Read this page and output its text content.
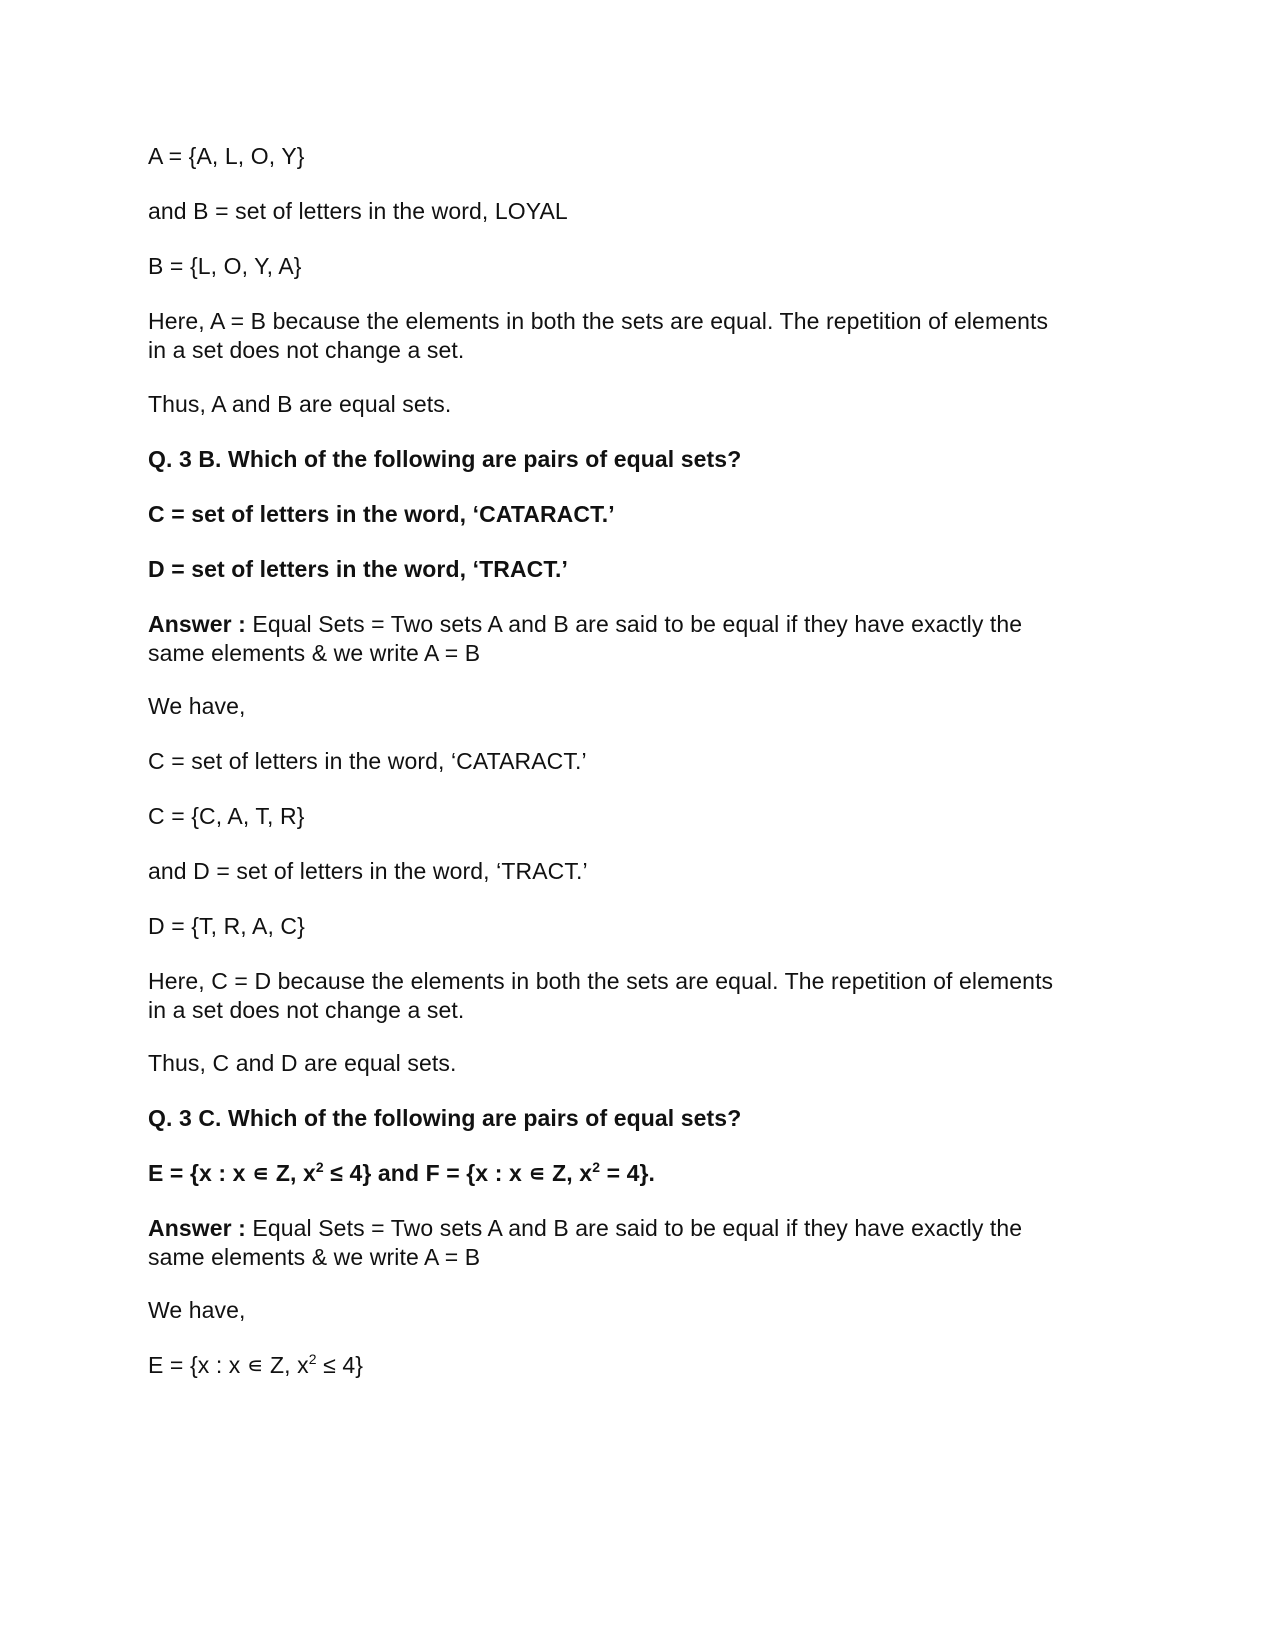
A = {A, L, O, Y}
and B = set of letters in the word, LOYAL
B = {L, O, Y, A}
Here, A = B because the elements in both the sets are equal. The repetition of elements
in a set does not change a set.
Thus, A and B are equal sets.
Q. 3 B. Which of the following are pairs of equal sets?
C = set of letters in the word, ‘CATARACT.’
D = set of letters in the word, ‘TRACT.’
Answer : Equal Sets = Two sets A and B are said to be equal if they have exactly the
same elements & we write A = B
We have,
C = set of letters in the word, ‘CATARACT.’
C = {C, A, T, R}
and D = set of letters in the word, ‘TRACT.’
D = {T, R, A, C}
Here, C = D because the elements in both the sets are equal. The repetition of elements
in a set does not change a set.
Thus, C and D are equal sets.
Q. 3 C. Which of the following are pairs of equal sets?
E = {x : x ∊ Z, $x^2 \le 4$} and F = {x : x ∊ Z, $x^2 = 4$}.
Answer : Equal Sets = Two sets A and B are said to be equal if they have exactly the
same elements & we write A = B
We have,
E = {x : x ∊ Z, $x^2 \le 4$}
